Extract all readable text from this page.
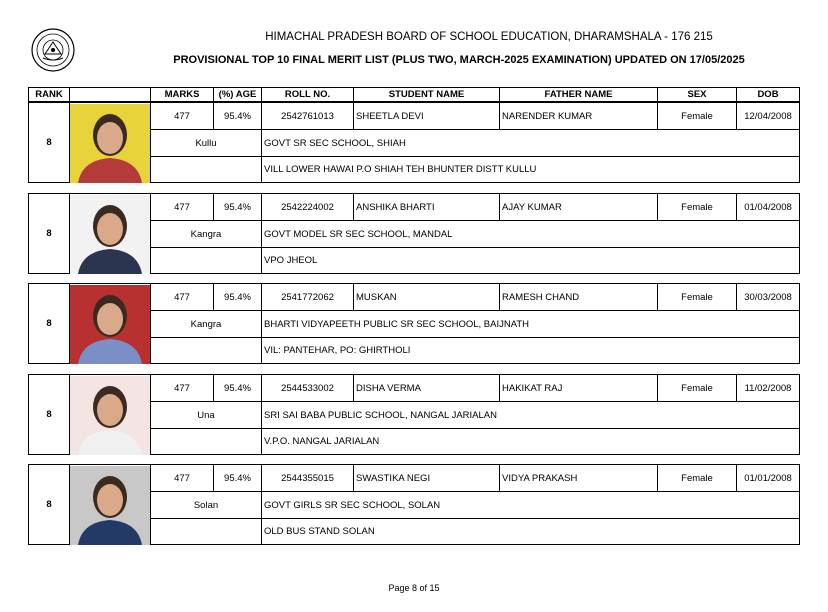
HIMACHAL PRADESH BOARD OF SCHOOL EDUCATION, DHARAMSHALA - 176 215
PROVISIONAL TOP 10 FINAL MERIT LIST (PLUS TWO, MARCH-2025 EXAMINATION) UPDATED ON 17/05/2025
RANK	MARKS	(%) AGE	ROLL NO.	STUDENT NAME	FATHER NAME	SEX	DOB
8
477	95.4%	2542761013	SHEETLA DEVI	NARENDER KUMAR	Female	12/04/2008
Kullu	GOVT SR SEC SCHOOL, SHIAH
VILL LOWER HAWAI P.O SHIAH TEH BHUNTER DISTT KULLU
8
477	95.4%	2542224002	ANSHIKA BHARTI	AJAY KUMAR	Female	01/04/2008
Kangra	GOVT MODEL SR SEC SCHOOL, MANDAL
VPO JHEOL
8
477	95.4%	2541772062	MUSKAN	RAMESH CHAND	Female	30/03/2008
Kangra	BHARTI VIDYAPEETH PUBLIC SR SEC SCHOOL, BAIJNATH
VIL: PANTEHAR, PO: GHIRTHOLI
8
477	95.4%	2544533002	DISHA VERMA	HAKIKAT RAJ	Female	11/02/2008
Una	SRI SAI BABA PUBLIC SCHOOL, NANGAL JARIALAN
V.P.O. NANGAL JARIALAN
8
477	95.4%	2544355015	SWASTIKA NEGI	VIDYA PRAKASH	Female	01/01/2008
Solan	GOVT GIRLS SR SEC SCHOOL, SOLAN
OLD BUS STAND SOLAN
Page 8 of 15
